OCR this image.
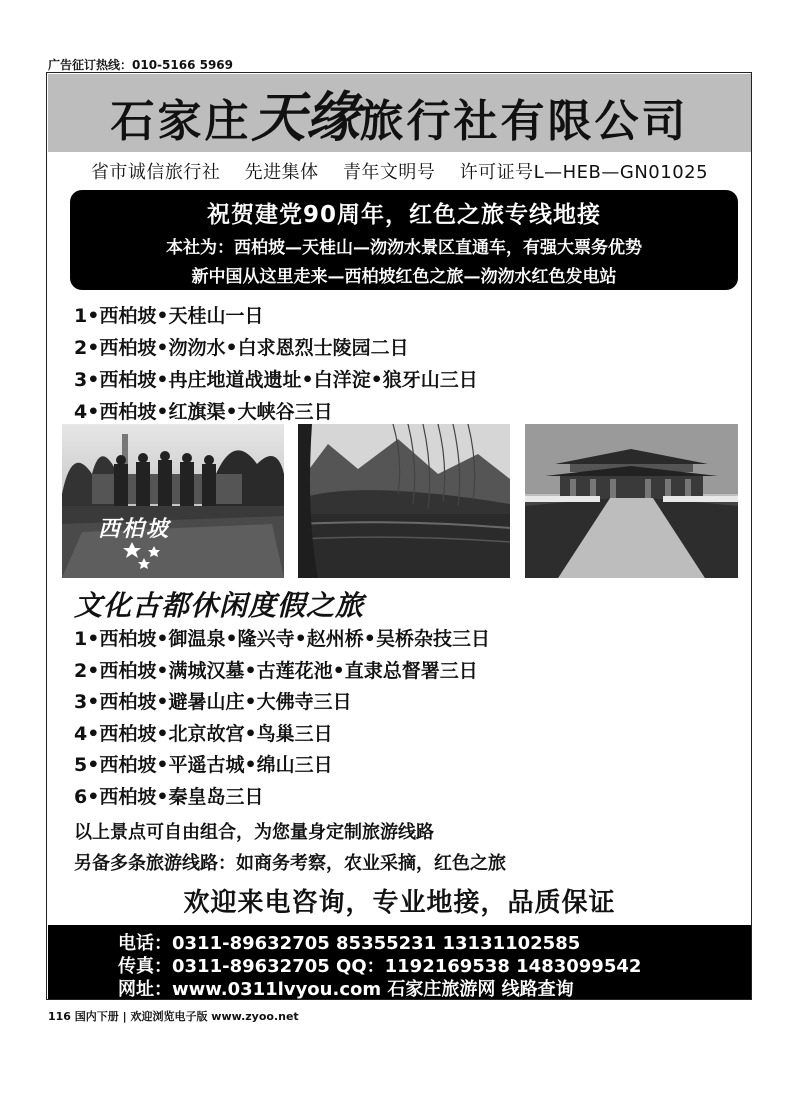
广告征订热线：010-5166 5969
石家庄天缘旅行社有限公司
省市诚信旅行社 先进集体 青年文明号 许可证号L—HEB—GN01025
祝贺建党90周年，红色之旅专线地接
本社为：西柏坡—天桂山—沕沕水景区直通车，有强大票务优势
新中国从这里走来—西柏坡红色之旅—沕沕水红色发电站
1•西柏坡•天桂山一日
2•西柏坡•沕沕水•白求恩烈士陵园二日
3•西柏坡•冉庄地道战遗址•白洋淀•狼牙山三日
4•西柏坡•红旗渠•大峡谷三日
西柏坡
文化古都休闲度假之旅
1•西柏坡•御温泉•隆兴寺•赵州桥•吴桥杂技三日
2•西柏坡•满城汉墓•古莲花池•直隶总督署三日
3•西柏坡•避暑山庄•大佛寺三日
4•西柏坡•北京故宫•鸟巢三日
5•西柏坡•平遥古城•绵山三日
6•西柏坡•秦皇岛三日
以上景点可自由组合，为您量身定制旅游线路
另备多条旅游线路：如商务考察，农业采摘，红色之旅
欢迎来电咨询，专业地接，品质保证
电话：0311-89632705 85355231 13131102585
传真：0311-89632705 QQ：1192169538 1483099542
网址：www.0311lvyou.com 石家庄旅游网 线路查询
116 国内下册 | 欢迎浏览电子版 www.zyoo.net
